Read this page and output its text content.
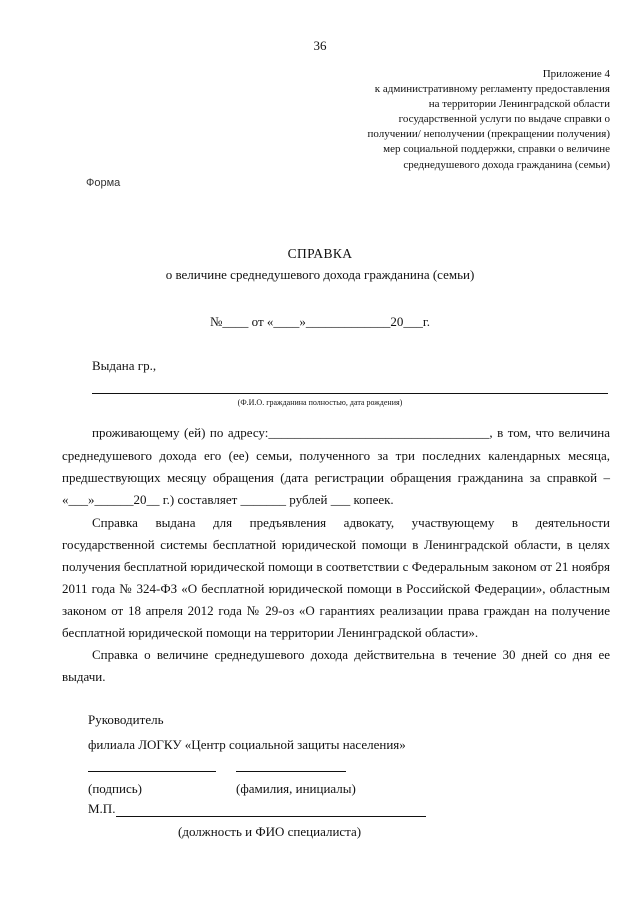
36
Приложение 4
к административному регламенту предоставления
на территории Ленинградской области
государственной услуги по выдаче справки о
получении/ неполучении (прекращении получения)
мер социальной поддержки, справки о величине
среднедушевого дохода гражданина (семьи)
Форма
СПРАВКА
о величине среднедушевого дохода гражданина (семьи)
№____ от «____»_____________20___г.
Выдана гр.,
(Ф.И.О. гражданина полностью, дата рождения)
проживающему (ей) по адресу:__________________________________, в том, что величина
среднедушевого дохода его (ее) семьи, полученного за три последних календарных месяца,
предшествующих месяцу обращения (дата регистрации обращения гражданина за справкой –
«___»______20__ г.) составляет _______ рублей ___ копеек.
Справка выдана для предъявления адвокату, участвующему в деятельности
государственной системы бесплатной юридической помощи в Ленинградской области, в целях
получения бесплатной юридической помощи в соответствии с Федеральным законом от 21 ноября
2011 года № 324-ФЗ «О бесплатной юридической помощи в Российской Федерации», областным
законом от 18 апреля 2012 года № 29-оз «О гарантиях реализации права граждан на получение
бесплатной юридической помощи на территории Ленинградской области».
Справка о величине среднедушевого дохода действительна в течение 30 дней со дня ее
выдачи.
Руководитель
филиала ЛОГКУ «Центр социальной защиты населения»
(подпись)	(фамилия, инициалы)
М.П.
(должность и ФИО специалиста)
